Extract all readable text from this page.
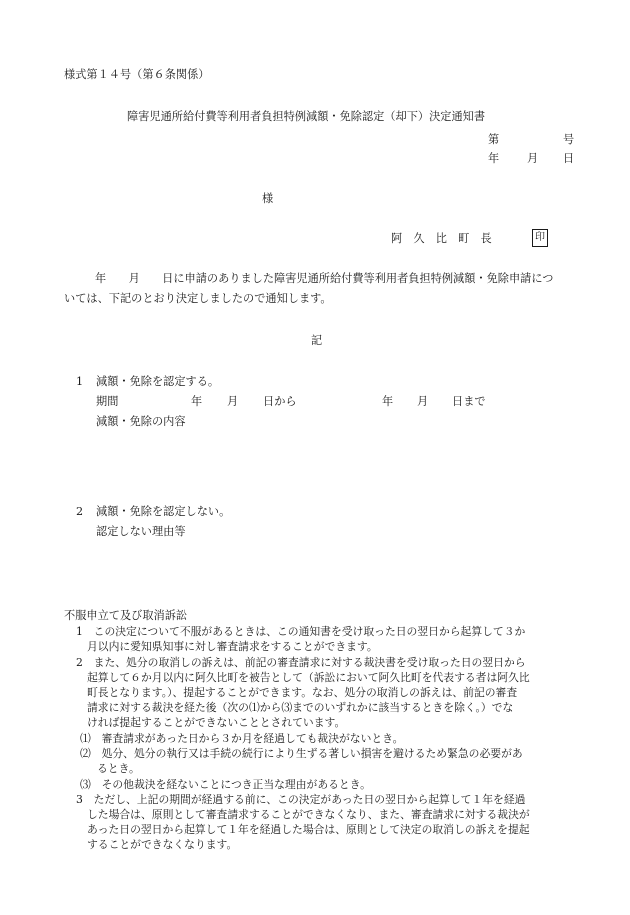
様式第１４号（第６条関係）
障害児通所給付費等利用者負担特例減額・免除認定（却下）決定通知書
第	号
年 月 日
様
阿　久　比　町　長	印
年　　月　　日に申請のありました障害児通所給付費等利用者負担特例減額・免除申請につ
いては、下記のとおり決定しましたので通知します。
記
1 減額・免除を認定する。
期間	年 月 日から	年 月 日まで
減額・免除の内容
2 減額・免除を認定しない。
認定しない理由等
不服申立て及び取消訴訟
1　この決定について不服があるときは、この通知書を受け取った日の翌日から起算して３か
月以内に愛知県知事に対し審査請求をすることができます。
2　また、処分の取消しの訴えは、前記の審査請求に対する裁決書を受け取った日の翌日から
起算して６か月以内に阿久比町を被告として（訴訟において阿久比町を代表する者は阿久比
町長となります。）、提起することができます。なお、処分の取消しの訴えは、前記の審査
請求に対する裁決を経た後（次の⑴から⑶までのいずれかに該当するときを除く。）でな
ければ提起することができないこととされています。
⑴　審査請求があった日から３か月を経過しても裁決がないとき。
⑵　処分、処分の執行又は手続の続行により生ずる著しい損害を避けるため緊急の必要があ
るとき。
⑶　その他裁決を経ないことにつき正当な理由があるとき。
3　ただし、上記の期間が経過する前に、この決定があった日の翌日から起算して１年を経過
した場合は、原則として審査請求することができなくなり、また、審査請求に対する裁決が
あった日の翌日から起算して１年を経過した場合は、原則として決定の取消しの訴えを提起
することができなくなります。
